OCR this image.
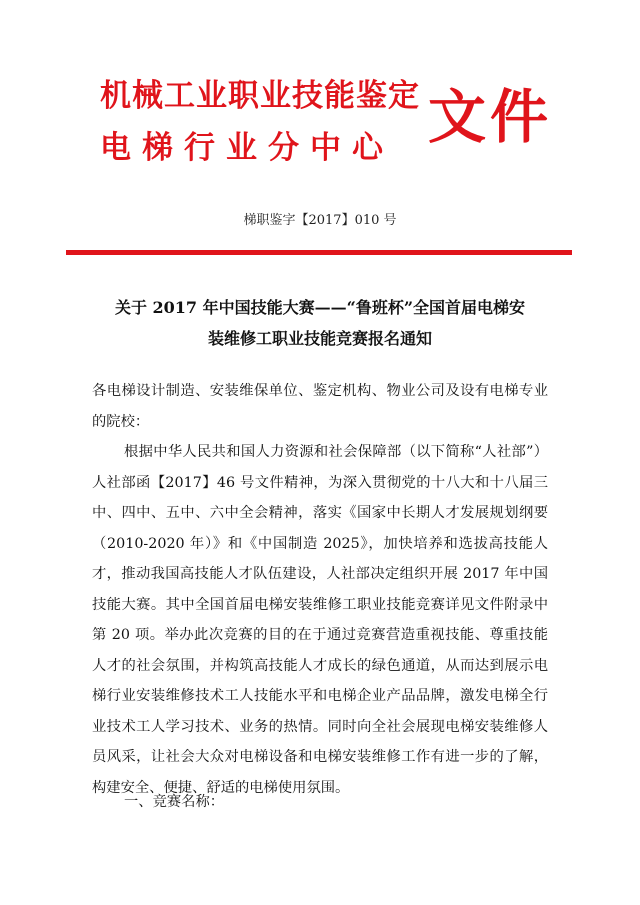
机械工业职业技能鉴定
电梯行业分中心 文件
梯职鉴字【2017】010 号
关于 2017 年中国技能大赛——“鲁班杯”全国首届电梯安
装维修工职业技能竞赛报名通知
各电梯设计制造、安装维保单位、鉴定机构、物业公司及设有电梯专业的院校：
根据中华人民共和国人力资源和社会保障部（以下简称“人社部”）人社部函【2017】46 号文件精神，为深入贯彻党的十八大和十八届三中、四中、五中、六中全会精神，落实《国家中长期人才发展规划纲要（2010-2020 年）》和《中国制造 2025》，加快培养和选拔高技能人才，推动我国高技能人才队伍建设，人社部决定组织开展 2017 年中国技能大赛。其中全国首届电梯安装维修工职业技能竞赛详见文件附录中第 20 项。举办此次竞赛的目的在于通过竞赛营造重视技能、尊重技能人才的社会氛围，并构筑高技能人才成长的绿色通道，从而达到展示电梯行业安装维修技术工人技能水平和电梯企业产品品牌，激发电梯全行业技术工人学习技术、业务的热情。同时向全社会展现电梯安装维修人员风采，让社会大众对电梯设备和电梯安装维修工作有进一步的了解，构建安全、便捷、舒适的电梯使用氛围。
一、竞赛名称：
